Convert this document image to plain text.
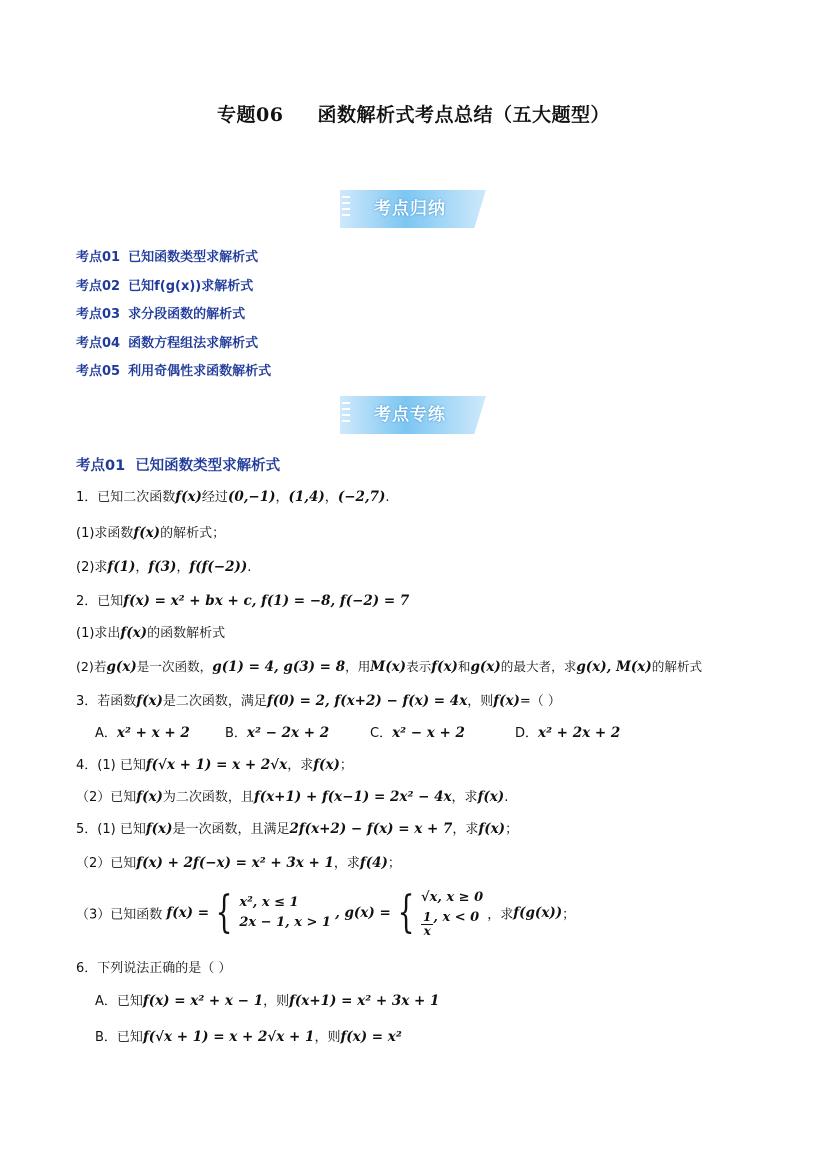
专题06 函数解析式考点总结（五大题型）
考点归纳
考点01 已知函数类型求解析式
考点02 已知f(g(x))求解析式
考点03 求分段函数的解析式
考点04 函数方程组法求解析式
考点05 利用奇偶性求函数解析式
考点专练
考点01 已知函数类型求解析式
1．已知二次函数f(x)经过(0,−1)，(1,4)，(−2,7).
(1)求函数f(x)的解析式；
(2)求f(1)，f(3)，f(f(−2)).
2．已知f(x) = x² + bx + c, f(1) = −8, f(−2) = 7
(1)求出f(x)的函数解析式
(2)若g(x)是一次函数，g(1) = 4, g(3) = 8，用M(x)表示f(x)和g(x)的最大者，求g(x), M(x)的解析式
3．若函数f(x)是二次函数，满足f(0) = 2, f(x+2) − f(x) = 4x，则f(x)=（ ）
A．x² + x + 2	B．x² − 2x + 2	C．x² − x + 2	D．x² + 2x + 2
4．(1) 已知f(√x + 1) = x + 2√x，求f(x)；
（2）已知f(x)为二次函数，且f(x+1) + f(x−1) = 2x² − 4x，求f(x).
5．(1) 已知f(x)是一次函数，且满足2f(x+2) − f(x) = x + 7，求f(x)；
（2）已知f(x) + 2f(−x) = x² + 3x + 1，求f(4)；
（3）已知函数 f(x) = { x², x ≤ 1
2x − 1, x > 1
, g(x) = { √x, x ≥ 0
$\frac{1}{x}$ , x < 0 ，求f(g(x))；
6．下列说法正确的是（ ）
A．已知f(x) = x² + x − 1，则f(x+1) = x² + 3x + 1
B．已知f(√x + 1) = x + 2√x + 1，则f(x) = x²
